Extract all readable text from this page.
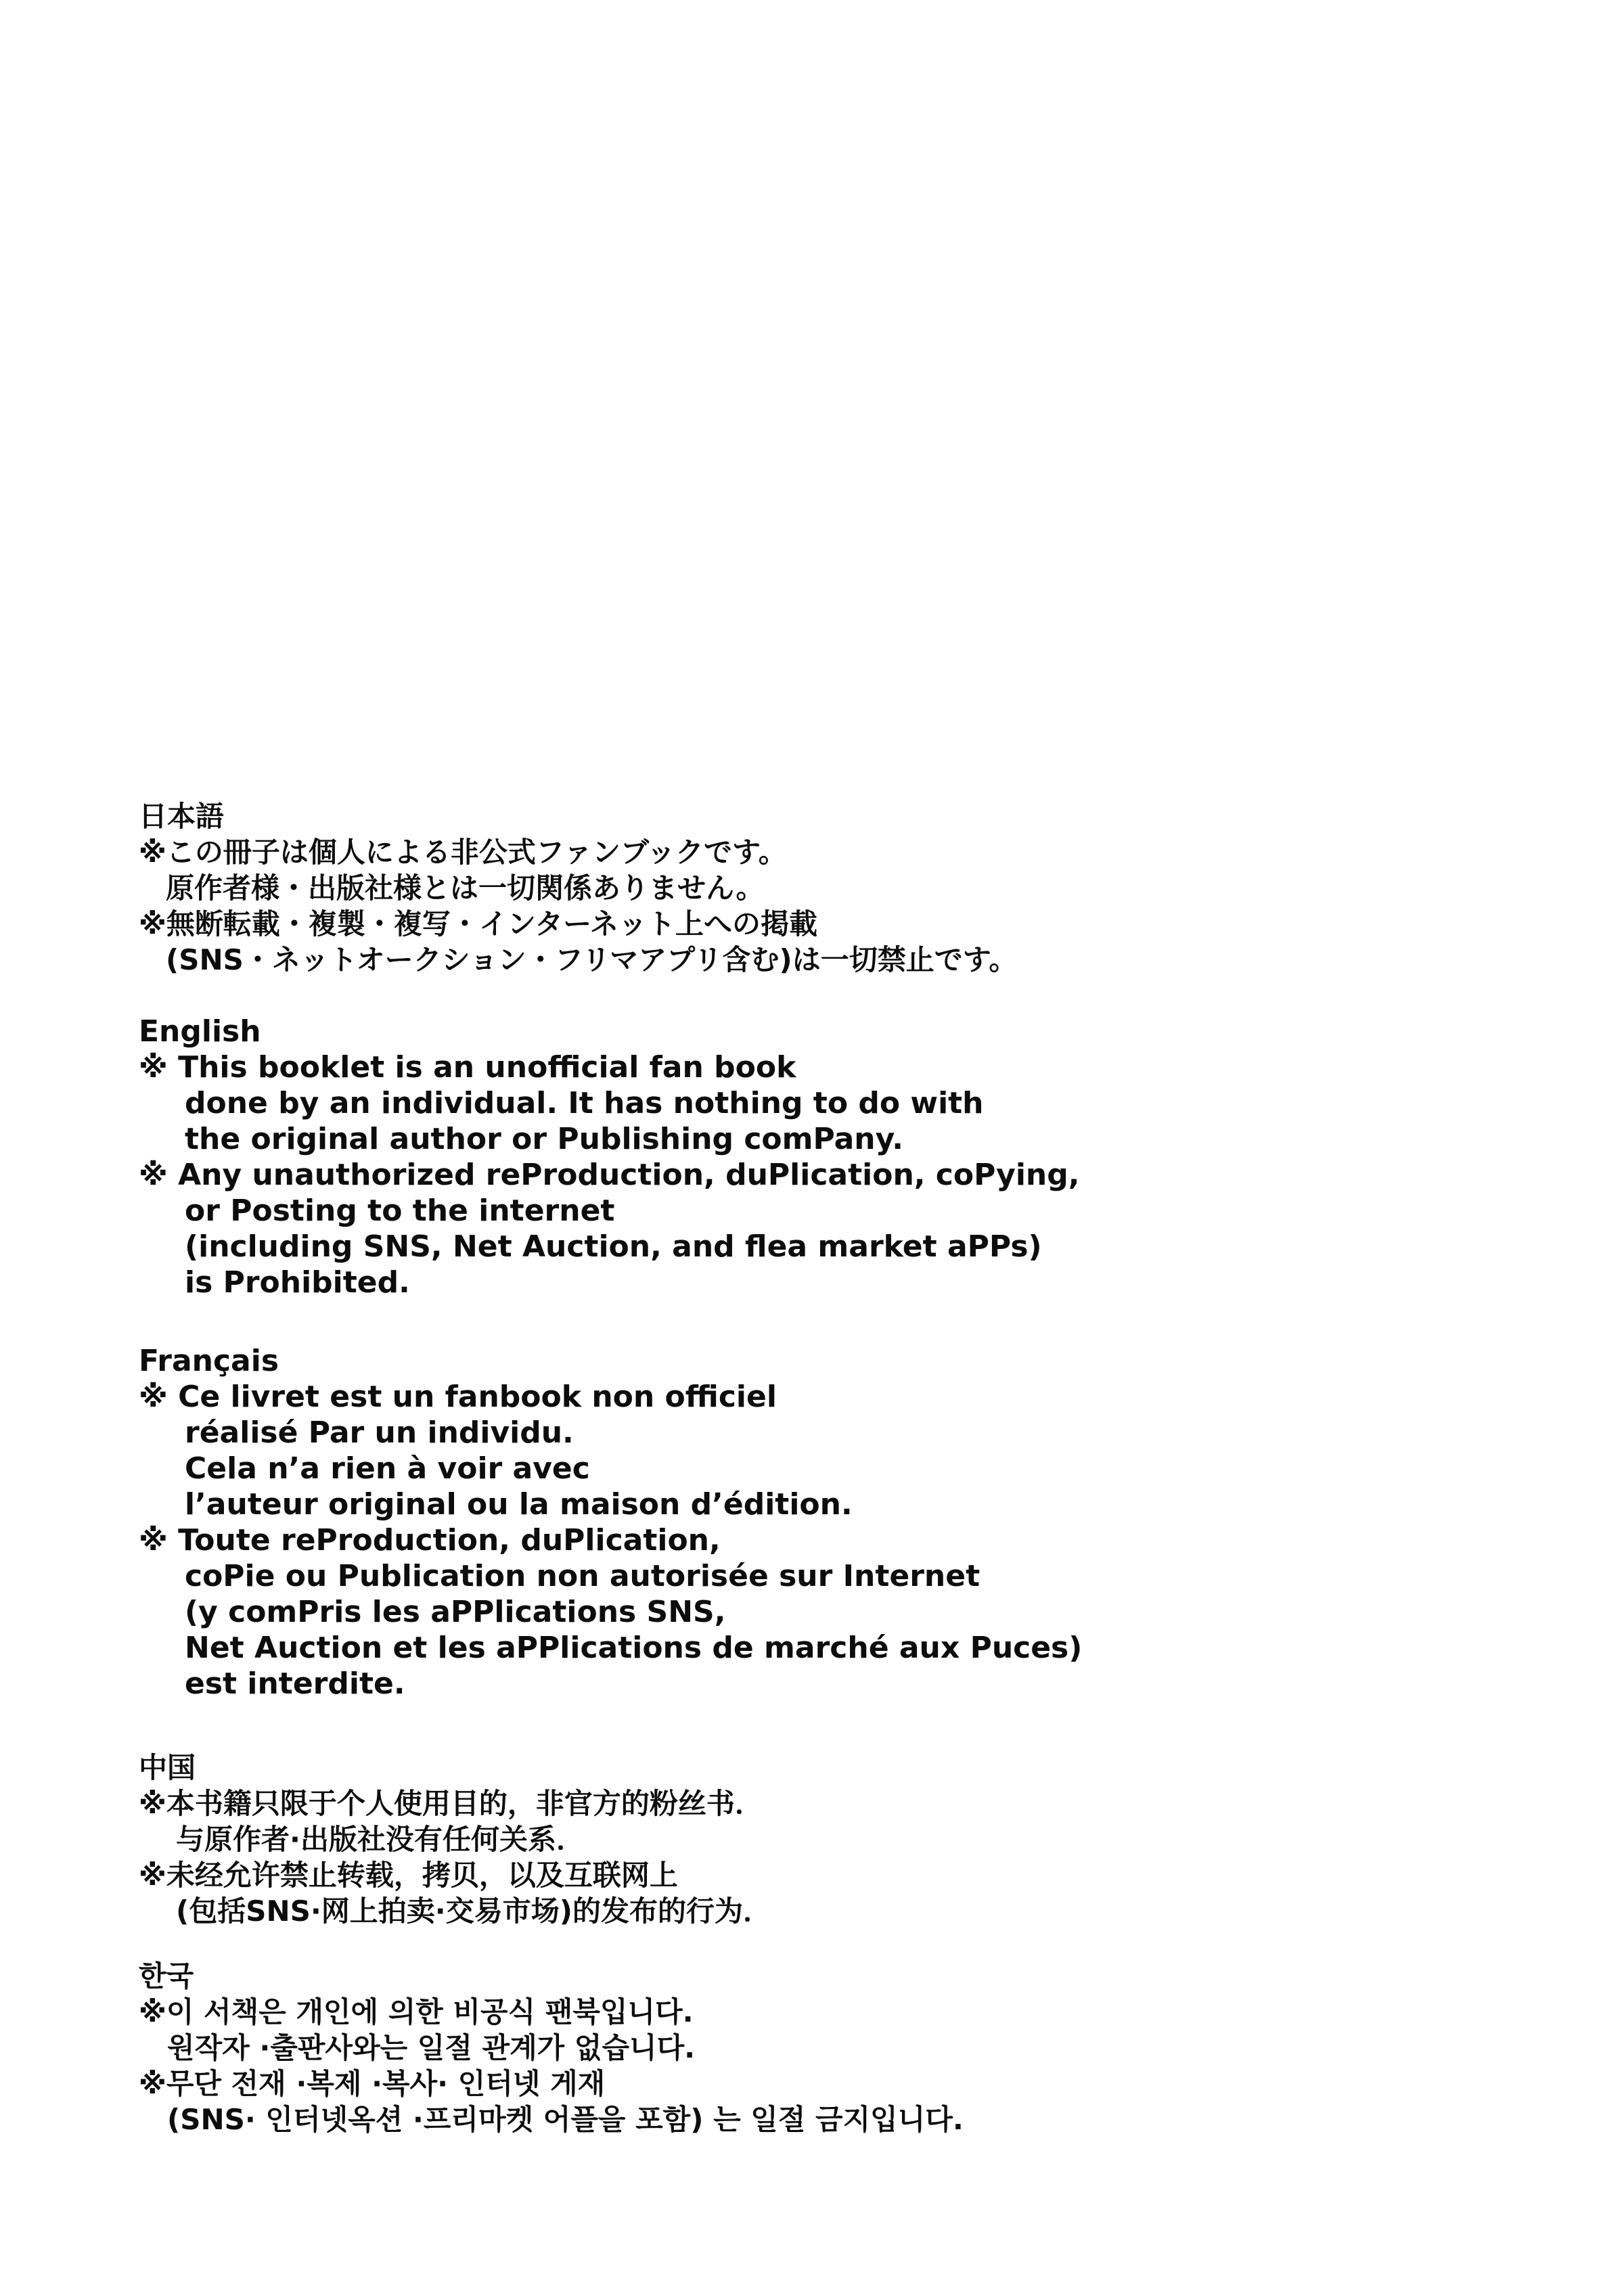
日本語
※この冊子は個人による非公式ファンブックです。
原作者様・出版社様とは一切関係ありません。
※無断転載・複製・複写・インターネット上への掲載
(SNS・ネットオークション・フリマアプリ含む)は一切禁止です。
English
※ This booklet is an unofficial fan book
done by an individual. It has nothing to do with
the original author or Publishing comPany.
※ Any unauthorized reProduction, duPlication, coPying,
or Posting to the internet
(including SNS, Net Auction, and flea market aPPs)
is Prohibited.
Français
※ Ce livret est un fanbook non officiel
réalisé Par un individu.
Cela n’a rien à voir avec
l’auteur original ou la maison d’édition.
※ Toute reProduction, duPlication,
coPie ou Publication non autorisée sur Internet
(y comPris les aPPlications SNS,
Net Auction et les aPPlications de marché aux Puces)
est interdite.
中国
※本书籍只限于个人使用目的，非官方的粉丝书．
与原作者·出版社没有任何关系．
※未经允许禁止转载，拷贝，以及互联网上
(包括SNS·网上拍卖·交易市场)的发布的行为．
한국
※이 서책은 개인에 의한 비공식 팬북입니다.
원작자 ·출판사와는 일절 관계가 없습니다.
※무단 전재 ·복제 ·복사· 인터넷 게재
(SNS· 인터넷옥션 ·프리마켓 어플을 포함) 는 일절 금지입니다.
